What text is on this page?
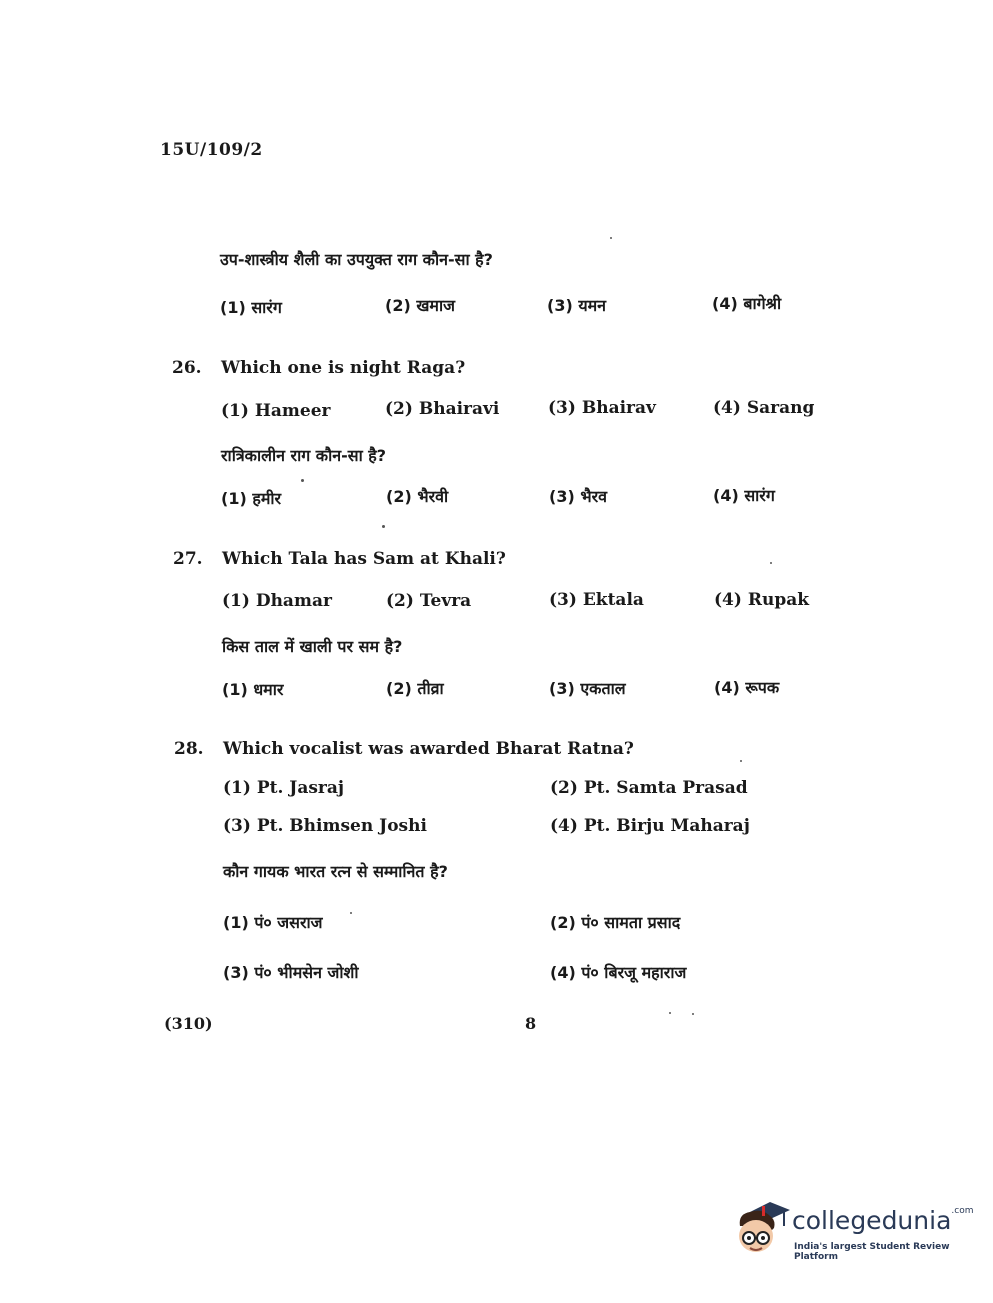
15U/109/2
उप-शास्त्रीय शैली का उपयुक्त राग कौन-सा है?
(1) सारंग	(2) खमाज	(3) यमन	(4) बागेश्री
26. Which one is night Raga?
(1) Hameer	(2) Bhairavi	(3) Bhairav	(4) Sarang
रात्रिकालीन राग कौन-सा है?
(1) हमीर	(2) भैरवी	(3) भैरव	(4) सारंग
27. Which Tala has Sam at Khali?
(1) Dhamar	(2) Tevra	(3) Ektala	(4) Rupak
किस ताल में खाली पर सम है?
(1) धमार	(2) तीव्रा	(3) एकताल	(4) रूपक
28. Which vocalist was awarded Bharat Ratna?
(1) Pt. Jasraj	(2) Pt. Samta Prasad
(3) Pt. Bhimsen Joshi	(4) Pt. Birju Maharaj
कौन गायक भारत रत्न से सम्मानित है?
(1) पं० जसराज	(2) पं० सामता प्रसाद
(3) पं० भीमसेन जोशी	(4) पं० बिरजू महाराज
(310)	8
collegedunia$^{.com}$
India's largest Student Review Platform
